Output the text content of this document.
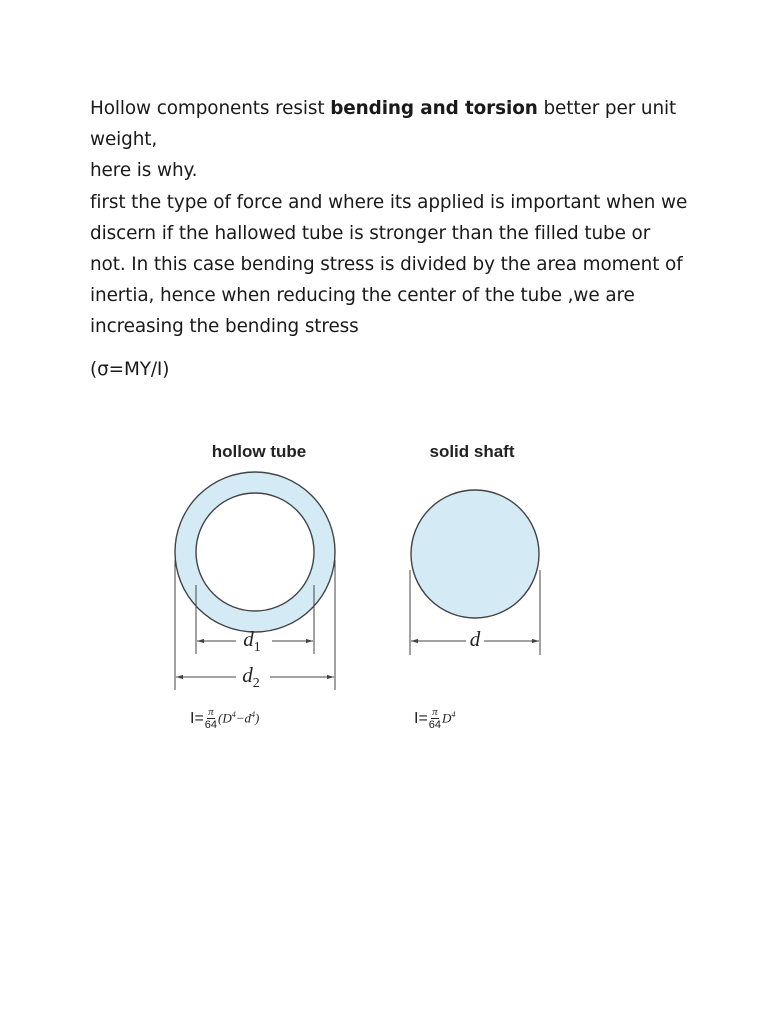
Hollow components resist bending and torsion better per unit weight,

here is why.

first the type of force and where its applied is important when we discern if the hallowed tube is stronger than the filled tube or not. In this case bending stress is divided by the area moment of inertia, hence when reducing the center of the tube ,we are increasing the bending stress

(σ=MY/I)

hollow tube	solid shaft
$d_1$
$d_2$
d
$I= \frac{\pi}{64} (D^4-d^4)$	$I= \frac{\pi}{64} D^4$
